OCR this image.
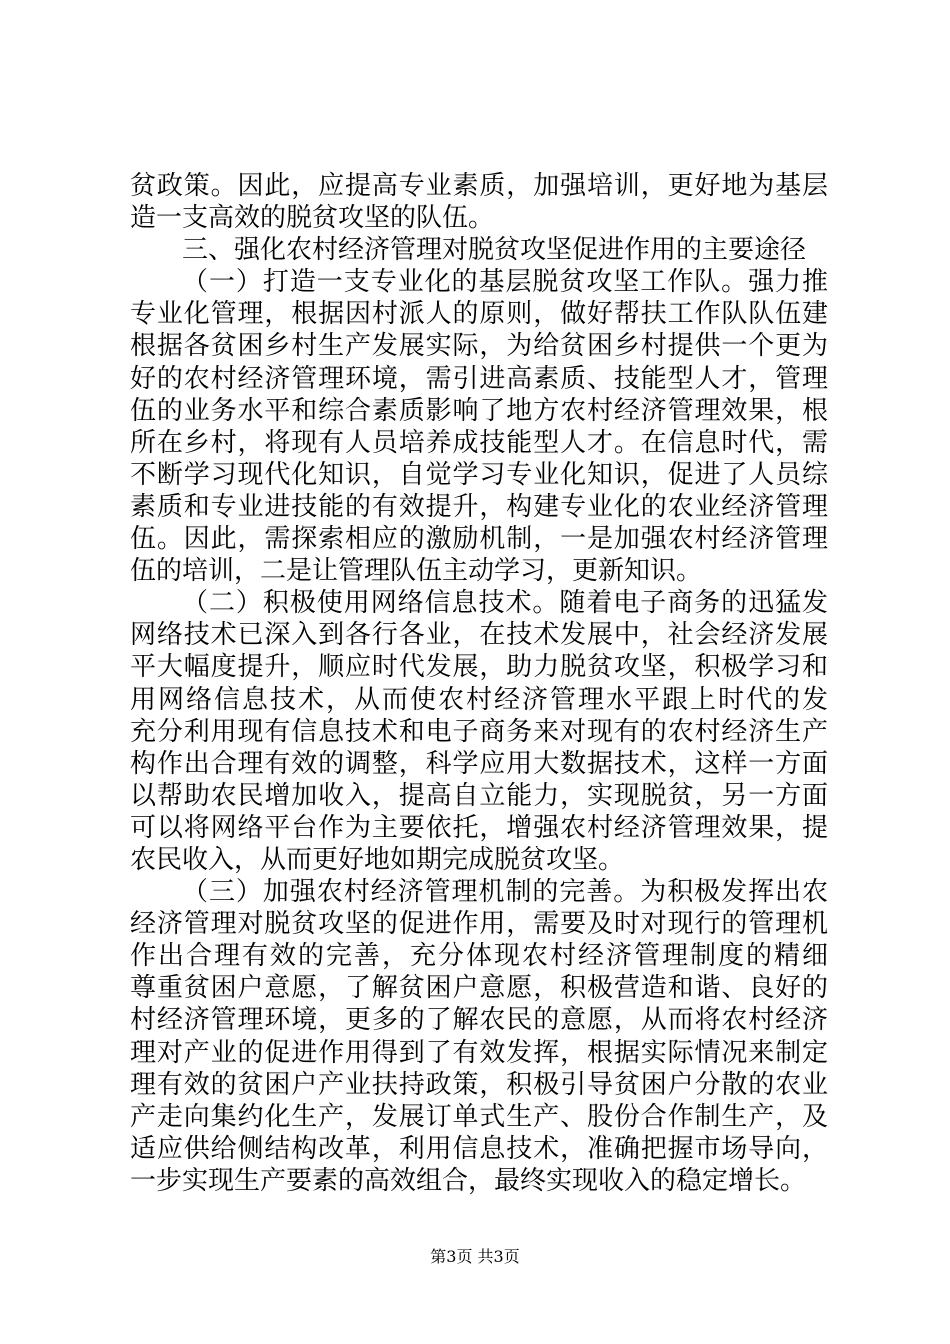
贫政策。因此，应提高专业素质，加强培训，更好地为基层
造一支高效的脱贫攻坚的队伍。
三、强化农村经济管理对脱贫攻坚促进作用的主要途径
（一）打造一支专业化的基层脱贫攻坚工作队。强力推
专业化管理，根据因村派人的原则，做好帮扶工作队队伍建
根据各贫困乡村生产发展实际，为给贫困乡村提供一个更为
好的农村经济管理环境，需引进高素质、技能型人才，管理
伍的业务水平和综合素质影响了地方农村经济管理效果，根
所在乡村，将现有人员培养成技能型人才。在信息时代，需
不断学习现代化知识，自觉学习专业化知识，促进了人员综
素质和专业进技能的有效提升，构建专业化的农业经济管理
伍。因此，需探索相应的激励机制，一是加强农村经济管理
伍的培训，二是让管理队伍主动学习，更新知识。
（二）积极使用网络信息技术。随着电子商务的迅猛发
网络技术已深入到各行各业，在技术发展中，社会经济发展
平大幅度提升，顺应时代发展，助力脱贫攻坚，积极学习和
用网络信息技术，从而使农村经济管理水平跟上时代的发
充分利用现有信息技术和电子商务来对现有的农村经济生产
构作出合理有效的调整，科学应用大数据技术，这样一方面
以帮助农民增加收入，提高自立能力，实现脱贫，另一方面
可以将网络平台作为主要依托，增强农村经济管理效果，提
农民收入，从而更好地如期完成脱贫攻坚。
（三）加强农村经济管理机制的完善。为积极发挥出农
经济管理对脱贫攻坚的促进作用，需要及时对现行的管理机
作出合理有效的完善，充分体现农村经济管理制度的精细
尊重贫困户意愿，了解贫困户意愿，积极营造和谐、良好的
村经济管理环境，更多的了解农民的意愿，从而将农村经济
理对产业的促进作用得到了有效发挥，根据实际情况来制定
理有效的贫困户产业扶持政策，积极引导贫困户分散的农业
产走向集约化生产，发展订单式生产、股份合作制生产，及
适应供给侧结构改革，利用信息技术，准确把握市场导向，
一步实现生产要素的高效组合，最终实现收入的稳定增长。
第3页 共3页
